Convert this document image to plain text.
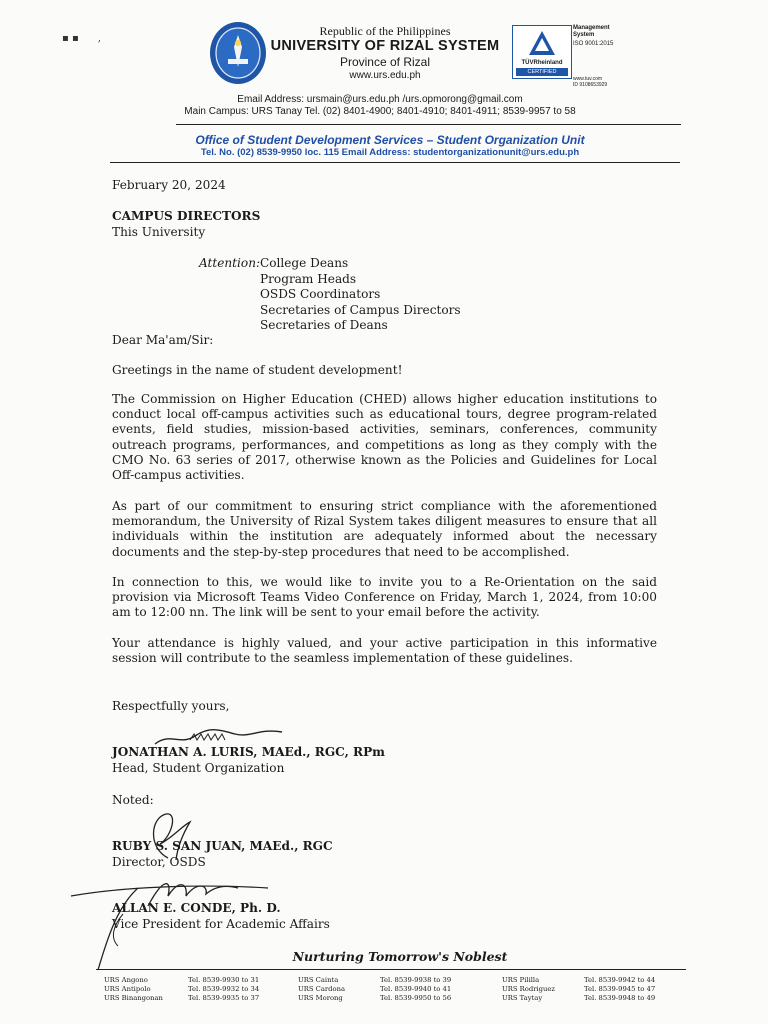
▪ ▪      ,
Republic of the Philippines
UNIVERSITY OF RIZAL SYSTEM
Province of Rizal
www.urs.edu.ph
TÜVRheinland
CERTIFIED
Management System
ISO 9001:2015
www.tuv.com
ID 9108653929
Email Address: ursmain@urs.edu.ph /urs.opmorong@gmail.com
Main Campus: URS Tanay Tel. (02) 8401-4900; 8401-4910; 8401-4911; 8539-9957 to 58
Office of Student Development Services – Student Organization Unit
Tel. No. (02) 8539-9950 loc. 115 Email Address: studentorganizationunit@urs.edu.ph
February 20, 2024
CAMPUS DIRECTORS
This University
Attention: College Deans
Program Heads
OSDS Coordinators
Secretaries of Campus Directors
Secretaries of Deans
Dear Ma'am/Sir:
Greetings in the name of student development!
The Commission on Higher Education (CHED) allows higher education institutions to conduct local off-campus activities such as educational tours, degree program-related events, field studies, mission-based activities, seminars, conferences, community outreach programs, performances, and competitions as long as they comply with the CMO No. 63 series of 2017, otherwise known as the Policies and Guidelines for Local Off-campus activities.
As part of our commitment to ensuring strict compliance with the aforementioned memorandum, the University of Rizal System takes diligent measures to ensure that all individuals within the institution are adequately informed about the necessary documents and the step-by-step procedures that need to be accomplished.
In connection to this, we would like to invite you to a Re-Orientation on the said provision via Microsoft Teams Video Conference on Friday, March 1, 2024, from 10:00 am to 12:00 nn. The link will be sent to your email before the activity.
Your attendance is highly valued, and your active participation in this informative session will contribute to the seamless implementation of these guidelines.
Respectfully yours,
JONATHAN A. LURIS, MAEd., RGC, RPm
Head, Student Organization
Noted:
RUBY S. SAN JUAN, MAEd., RGC
Director, OSDS
ALLAN E. CONDE, Ph. D.
Vice President for Academic Affairs
Nurturing Tomorrow's Noblest
URS Angono	Tel. 8539-9930 to 31
URS Antipolo	Tel. 8539-9932 to 34
URS Binangonan	Tel. 8539-9935 to 37
URS Cainta	Tel. 8539-9938 to 39
URS Cardona	Tel. 8539-9940 to 41
URS Morong	Tel. 8539-9950 to 56
URS Pililla	Tel. 8539-9942 to 44
URS Rodriguez	Tel. 8539-9945 to 47
URS Taytay	Tel. 8539-9948 to 49
